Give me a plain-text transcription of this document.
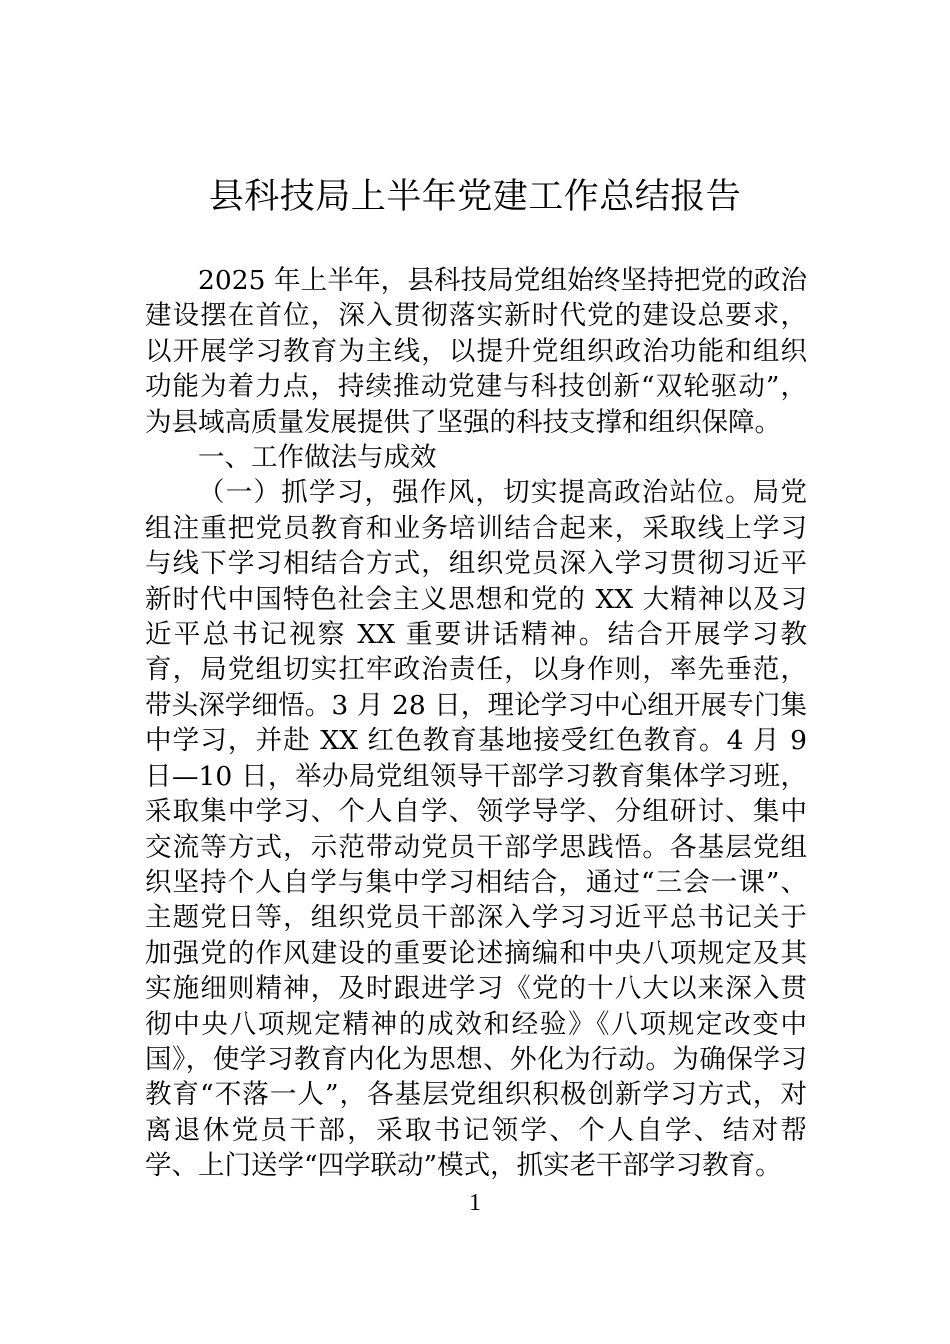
县科技局上半年党建工作总结报告

2025 年上半年，县科技局党组始终坚持把党的政治建设摆在首位，深入贯彻落实新时代党的建设总要求，以开展学习教育为主线，以提升党组织政治功能和组织功能为着力点，持续推动党建与科技创新“双轮驱动”，为县域高质量发展提供了坚强的科技支撑和组织保障。

一、工作做法与成效

（一）抓学习，强作风，切实提高政治站位。局党组注重把党员教育和业务培训结合起来，采取线上学习与线下学习相结合方式，组织党员深入学习贯彻习近平新时代中国特色社会主义思想和党的 XX 大精神以及习近平总书记视察 XX 重要讲话精神。结合开展学习教育，局党组切实扛牢政治责任，以身作则，率先垂范，带头深学细悟。3 月 28 日，理论学习中心组开展专门集中学习，并赴 XX 红色教育基地接受红色教育。4 月 9 日—10 日，举办局党组领导干部学习教育集体学习班，采取集中学习、个人自学、领学导学、分组研讨、集中交流等方式，示范带动党员干部学思践悟。各基层党组织坚持个人自学与集中学习相结合，通过“三会一课”、主题党日等，组织党员干部深入学习习近平总书记关于加强党的作风建设的重要论述摘编和中央八项规定及其实施细则精神，及时跟进学习《党的十八大以来深入贯彻中央八项规定精神的成效和经验》《八项规定改变中国》，使学习教育内化为思想、外化为行动。为确保学习教育“不落一人”，各基层党组织积极创新学习方式，对离退休党员干部，采取书记领学、个人自学、结对帮学、上门送学“四学联动”模式，抓实老干部学习教育。

1
